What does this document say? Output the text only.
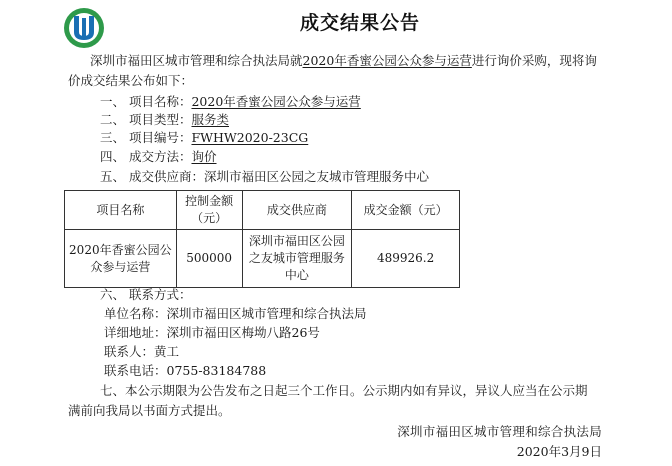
成交结果公告
深圳市福田区城市管理和综合执法局就2020年香蜜公园公众参与运营进行询价采购，现将询
价成交结果公布如下：
一、 项目名称：2020年香蜜公园公众参与运营
二、 项目类型：服务类
三、 项目编号：FWHW2020-23CG
四、 成交方法：询价
五、 成交供应商：深圳市福田区公园之友城市管理服务中心
项目名称	控制金额（元）	成交供应商	成交金额（元）
2020年香蜜公园公众参与运营	500000	深圳市福田区公园之友城市管理服务中心	489926.2
六、 联系方式：
单位名称：深圳市福田区城市管理和综合执法局
详细地址：深圳市福田区梅坳八路26号
联系人：黄工
联系电话：0755-83184788
七、本公示期限为公告发布之日起三个工作日。公示期内如有异议，异议人应当在公示期
满前向我局以书面方式提出。
深圳市福田区城市管理和综合执法局
2020年3月9日
